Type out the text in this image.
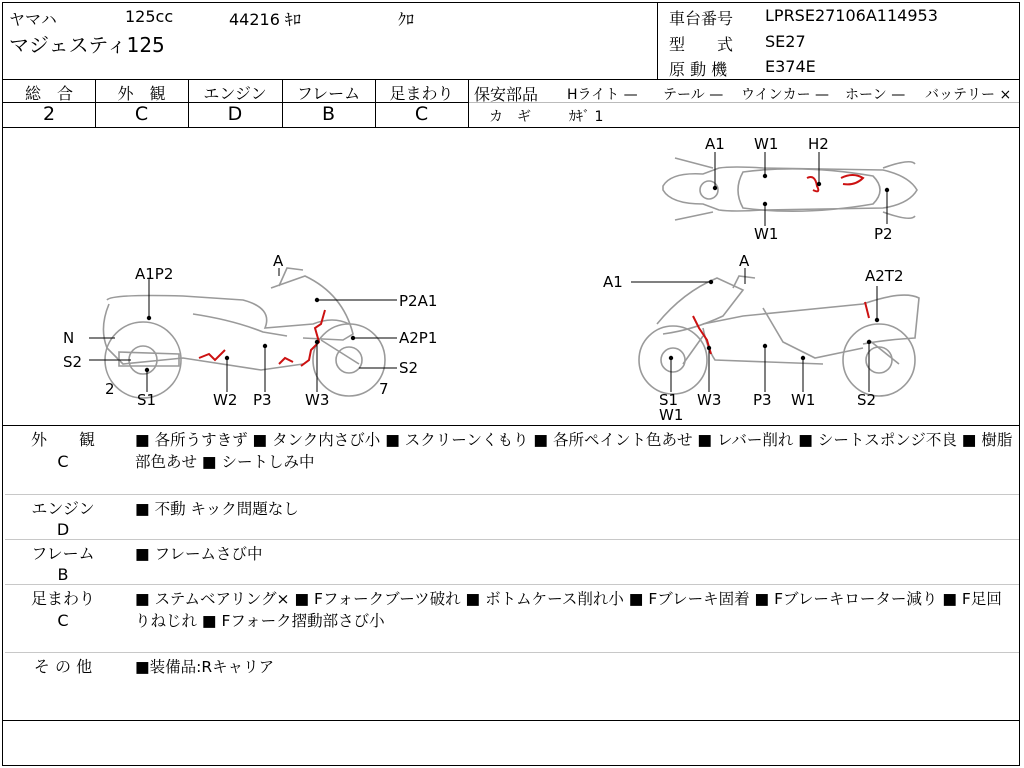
ヤマハ	125cc	44216 ｷﾛ	ｸﾛ
マジェスティ125
車台番号 LPRSE27106A114953
型　　式 SE27
原 動 機 E374E
総　合
2
外　観
C
エンジン
D
フレーム
B
足まわり
C
保安部品 Hライト — テール — ウインカー — ホーン — バッテリー ×
カ　ギ	ｶｷﾞ 1
A1 W1 H2
W1	P2
A1P2
A
P2A1
N	A2P1
S2	S2
2	7
S1	W2 P3 W3
A1
A
A2T2
S1
W1
W3 P3 W1	S2
外　　観
C
■ 各所うすきず ■ タンク内さび小 ■ スクリーンくもり ■ 各所ペイント色あせ ■ レバー削れ ■ シートスポンジ不良 ■ 樹脂部色あせ ■ シートしみ中
エンジン
D
■ 不動 キック問題なし
フレーム
B
■ フレームさび中
足まわり
C
■ ステムベアリング× ■ Fフォークブーツ破れ ■ ボトムケース削れ小 ■ Fブレーキ固着 ■ Fブレーキローター減り ■ F足回りねじれ ■ Fフォーク摺動部さび小
そ の 他	■装備品:Rキャリア
